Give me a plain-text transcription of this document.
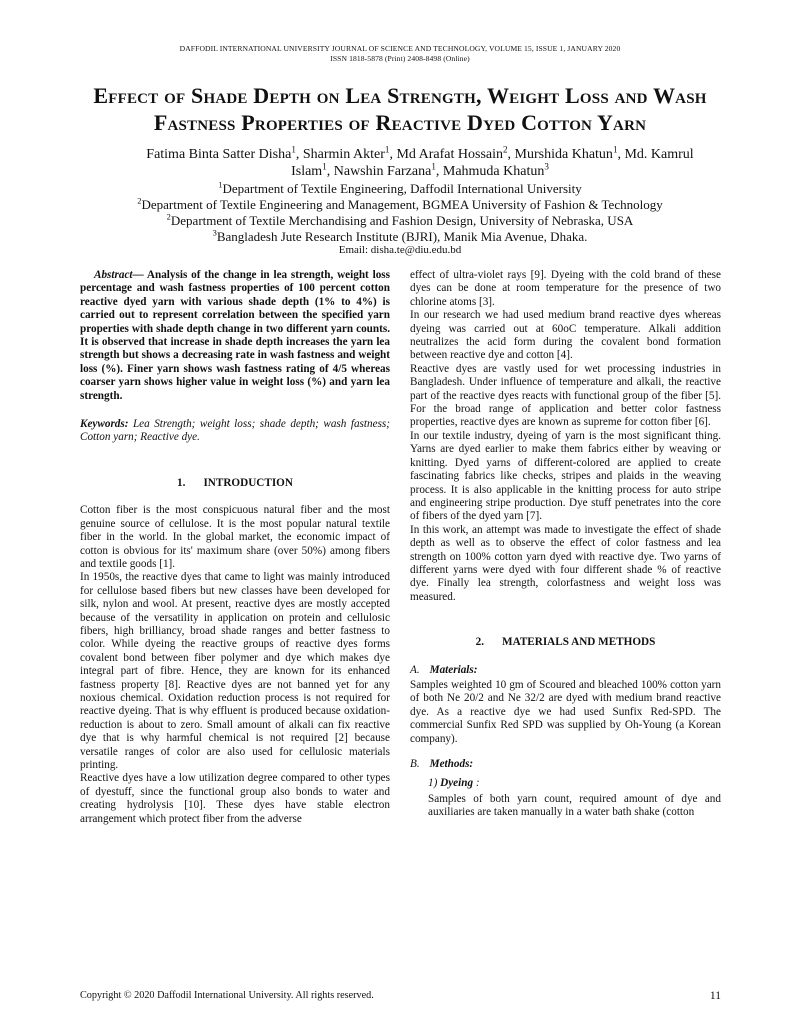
DAFFODIL INTERNATIONAL UNIVERSITY JOURNAL OF SCIENCE AND TECHNOLOGY, VOLUME 15, ISSUE 1, JANUARY 2020
ISSN 1818-5878 (Print) 2408-8498 (Online)
Effect of Shade Depth on Lea Strength, Weight Loss and Wash Fastness Properties of Reactive Dyed Cotton Yarn
Fatima Binta Satter Disha$^1$, Sharmin Akter$^1$, Md Arafat Hossain$^2$, Murshida Khatun$^1$, Md. Kamrul
Islam$^1$, Nawshin Farzana$^1$, Mahmuda Khatun$^3$
$^1$Department of Textile Engineering, Daffodil International University
$^2$Department of Textile Engineering and Management, BGMEA University of Fashion & Technology
$^2$Department of Textile Merchandising and Fashion Design, University of Nebraska, USA
$^3$Bangladesh Jute Research Institute (BJRI), Manik Mia Avenue, Dhaka.
Email: disha.te@diu.edu.bd

Abstract— Analysis of the change in lea strength, weight loss percentage and wash fastness properties of 100 percent cotton reactive dyed yarn with various shade depth (1% to 4%) is carried out to represent correlation between the specified yarn properties with shade depth change in two different yarn counts. It is observed that increase in shade depth increases the yarn lea strength but shows a decreasing rate in wash fastness and weight loss (%). Finer yarn shows wash fastness rating of 4/5 whereas coarser yarn shows higher value in weight loss (%) and yarn lea strength.

Keywords: Lea Strength; weight loss; shade depth; wash fastness; Cotton yarn; Reactive dye.

1. INTRODUCTION

Cotton fiber is the most conspicuous natural fiber and the most genuine source of cellulose. It is the most popular natural textile fiber in the world. In the global market, the economic impact of cotton is obvious for its' maximum share (over 50%) among fibers and textile goods [1].

In 1950s, the reactive dyes that came to light was mainly introduced for cellulose based fibers but new classes have been developed for silk, nylon and wool. At present, reactive dyes are mostly accepted because of the versatility in application on protein and cellulosic fibers, high brilliancy, broad shade ranges and better fastness to color. While dyeing the reactive groups of reactive dyes forms covalent bond between fiber polymer and dye which makes dye integral part of fibre. Hence, they are known for its enhanced fastness property [8]. Reactive dyes are not banned yet for any noxious chemical. Oxidation reduction process is not required for reactive dyeing. That is why effluent is produced because oxidation-reduction is about to zero. Small amount of alkali can fix reactive dye that is why harmful chemical is not required [2] because versatile ranges of color are also used for cellulosic materials printing.

Reactive dyes have a low utilization degree compared to other types of dyestuff, since the functional group also bonds to water and creating hydrolysis [10]. These dyes have stable electron arrangement which protect fiber from the adverse

effect of ultra-violet rays [9]. Dyeing with the cold brand of these dyes can be done at room temperature for the presence of two chlorine atoms [3].

In our research we had used medium brand reactive dyes whereas dyeing was carried out at 60oC temperature. Alkali addition neutralizes the acid form during the covalent bond formation between reactive dye and cotton [4].

Reactive dyes are vastly used for wet processing industries in Bangladesh. Under influence of temperature and alkali, the reactive part of the reactive dyes reacts with functional group of the fiber [5]. For the broad range of application and better color fastness properties, reactive dyes are known as supreme for cotton fiber [6].

In our textile industry, dyeing of yarn is the most significant thing. Yarns are dyed earlier to make them fabrics either by weaving or knitting. Dyed yarns of different-colored are applied to create fascinating fabrics like checks, stripes and plaids in the weaving process. It is also applicable in the knitting process for auto stripe and engineering stripe production. Dye stuff penetrates into the core of fibers of the dyed yarn [7].

In this work, an attempt was made to investigate the effect of shade depth as well as to observe the effect of color fastness and lea strength on 100% cotton yarn dyed with reactive dye. Two yarns of different yarns were dyed with four different shade % of reactive dye. Finally lea strength, colorfastness and weight loss was measured.

2. MATERIALS AND METHODS

A. Materials:

Samples weighted 10 gm of Scoured and bleached 100% cotton yarn of both Ne 20/2 and Ne 32/2 are dyed with medium brand reactive dye. As a reactive dye we had used Sunfix Red-SPD. The commercial Sunfix Red SPD was supplied by Oh-Young (a Korean company).

B. Methods:

1) Dyeing :

Samples of both yarn count, required amount of dye and auxiliaries are taken manually in a water bath shake (cotton

Copyright © 2020 Daffodil International University. All rights reserved.	11
